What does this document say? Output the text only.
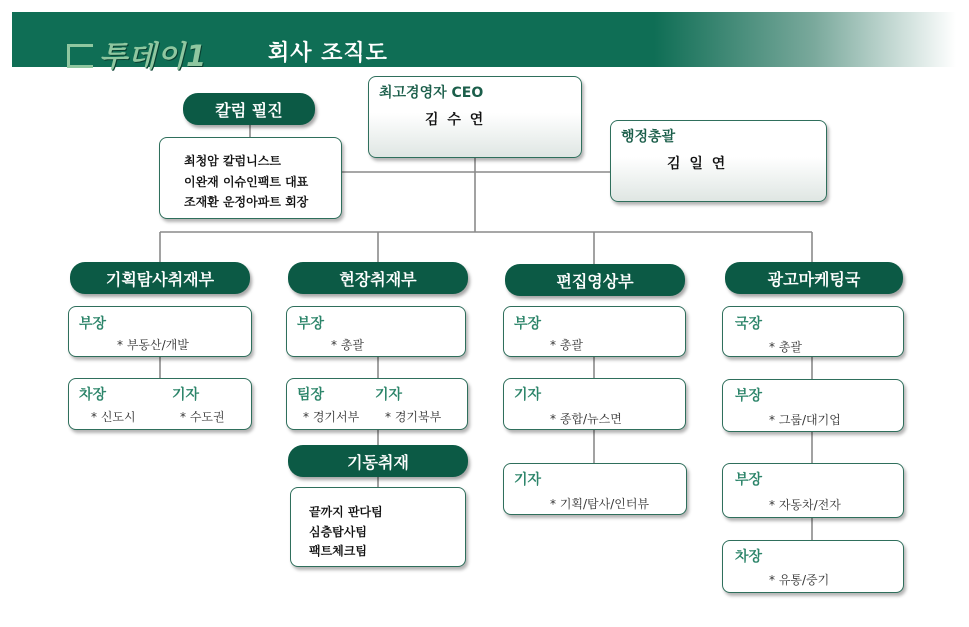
투데이1	회사 조직도
최고경영자 CEO
김 수 연
행정총괄
김 일 연
칼럼 필진
최청암 칼럼니스트
이완재 이슈인팩트 대표
조재환 운정아파트 회장
기획탐사취재부
부장
* 부동산/개발
차장	기자
* 신도시	* 수도권
현장취재부
부장
* 총괄
팀장	기자
* 경기서부 * 경기북부
기동취재
끝까지 판다팀
심층탐사팀
팩트체크팀
편집영상부
부장
* 총괄
기자
* 종합/뉴스면
기자
* 기획/탐사/인터뷰
광고마케팅국
국장
* 총괄
부장
* 그룹/대기업
부장
* 자동차/전자
차장
* 유통/중기
